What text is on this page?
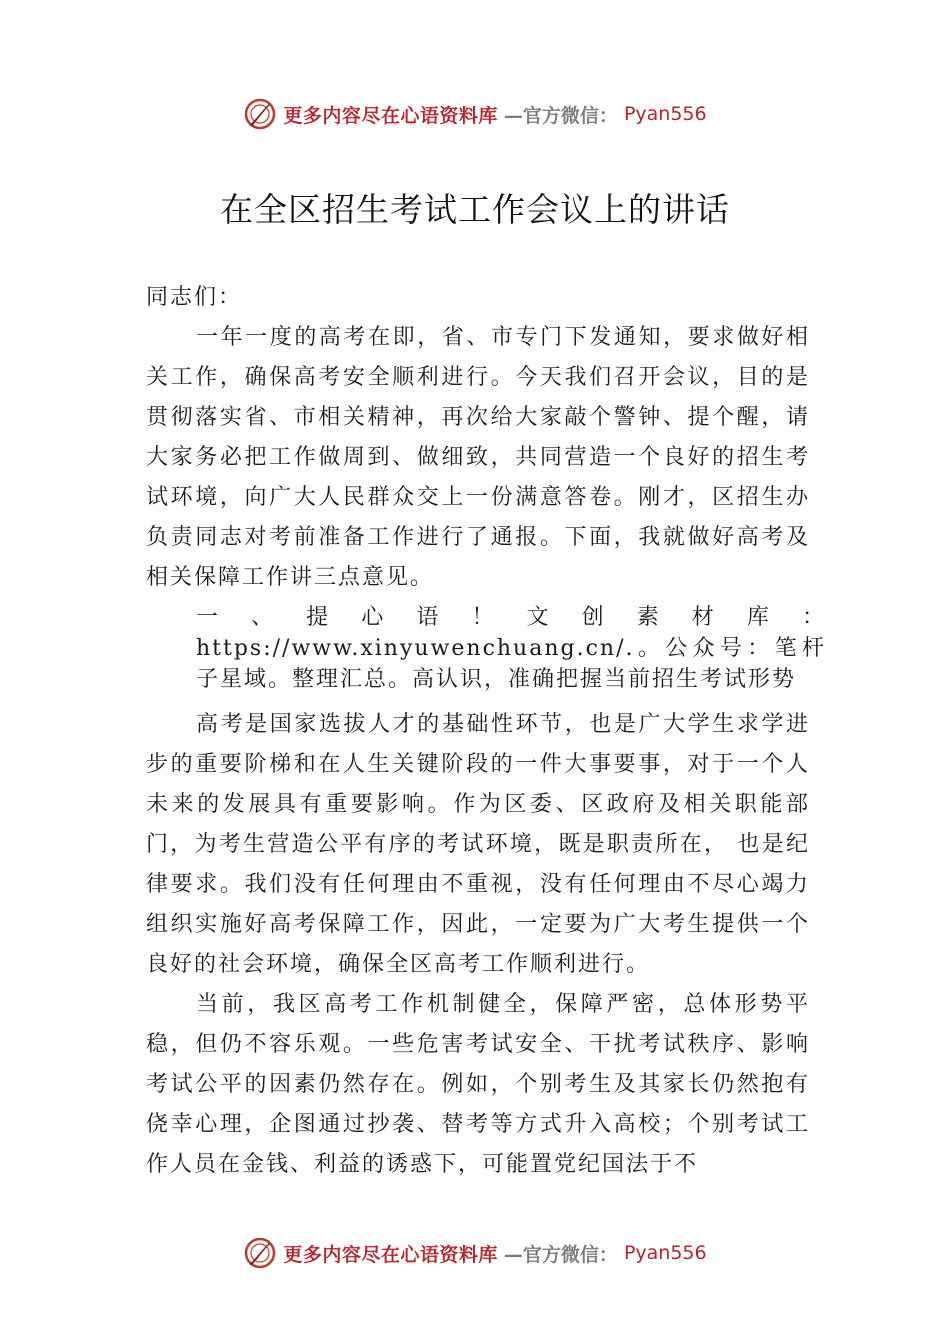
更多内容尽在心语资料库 —官方微信： Pyan556
在全区招生考试工作会议上的讲话

同志们：

一年一度的高考在即，省、市专门下发通知，要求做好相关工作，确保高考安全顺利进行。今天我们召开会议，目的是贯彻落实省、市相关精神，再次给大家敲个警钟、提个醒，请大家务必把工作做周到、做细致，共同营造一个良好的招生考试环境，向广大人民群众交上一份满意答卷。刚才，区招生办负责同志对考前准备工作进行了通报。下面，我就做好高考及相关保障工作讲三点意见。

一、提心语！文创素材库：https://www.xinyuwenchuang.cn/.。公众号：笔杆子星域。整理汇总。高认识，准确把握当前招生考试形势

高考是国家选拔人才的基础性环节，也是广大学生求学进步的重要阶梯和在人生关键阶段的一件大事要事，对于一个人未来的发展具有重要影响。作为区委、区政府及相关职能部门，为考生营造公平有序的考试环境，既是职责所在， 也是纪律要求。我们没有任何理由不重视，没有任何理由不尽心竭力组织实施好高考保障工作，因此，一定要为广大考生提供一个良好的社会环境，确保全区高考工作顺利进行。

当前，我区高考工作机制健全，保障严密，总体形势平稳，但仍不容乐观。一些危害考试安全、干扰考试秩序、影响考试公平的因素仍然存在。例如，个别考生及其家长仍然抱有侥幸心理，企图通过抄袭、替考等方式升入高校；个别考试工作人员在金钱、利益的诱惑下，可能置党纪国法于不

更多内容尽在心语资料库 —官方微信： Pyan556
